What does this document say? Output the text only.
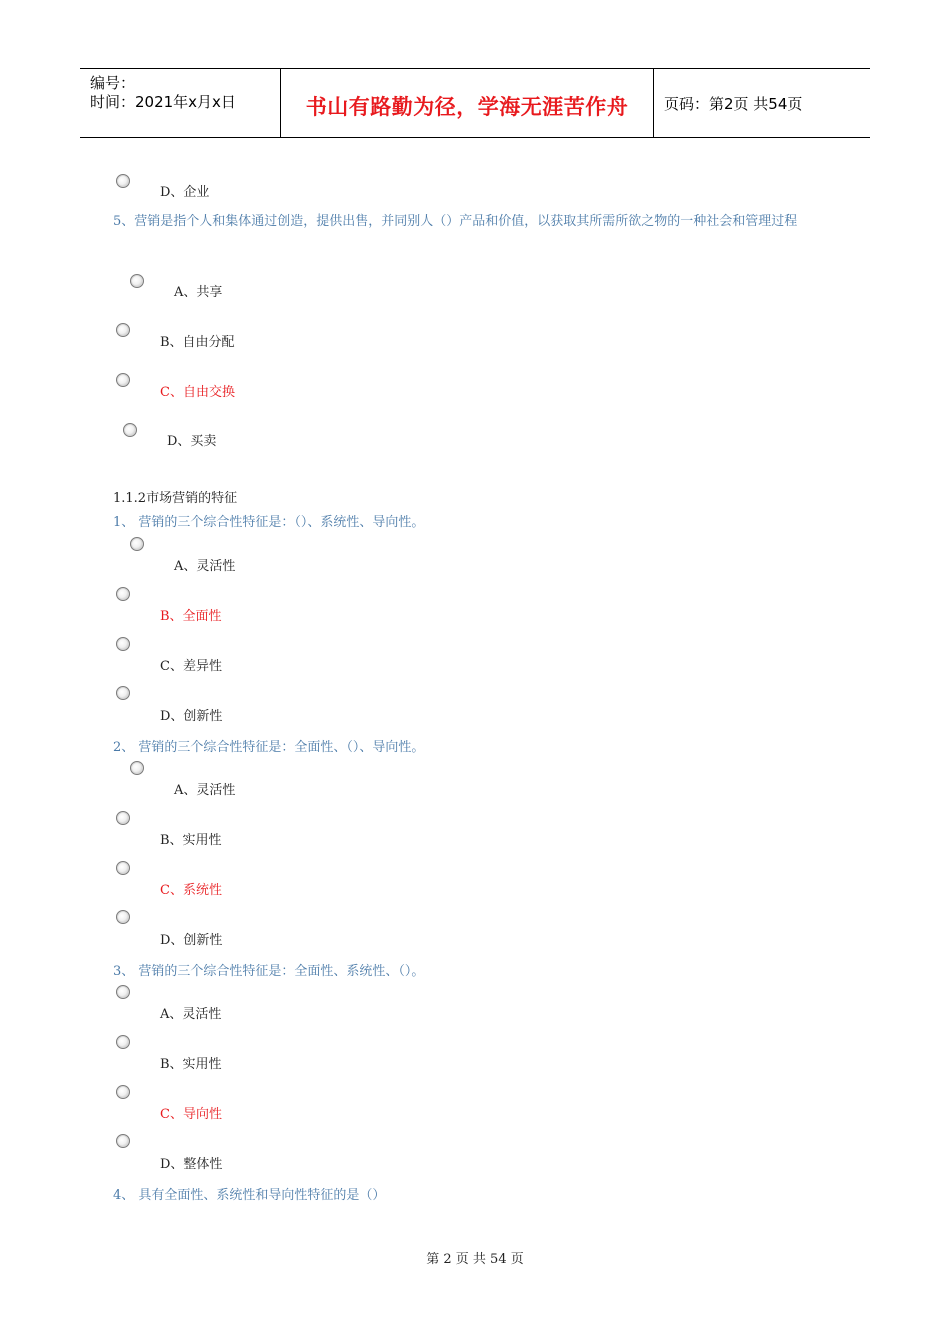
编号：
时间：2021年x月x日	书山有路勤为径，学海无涯苦作舟	页码：第2页 共54页
D、企业
5、营销是指个人和集体通过创造，提供出售，并同别人（）产品和价值，以获取其所需所欲之物的一种社会和管理过程
A、共享
B、自由分配
C、自由交换
D、买卖
1.1.2市场营销的特征
1、 营销的三个综合性特征是：（）、系统性、导向性。
A、灵活性
B、全面性
C、差异性
D、创新性
2、 营销的三个综合性特征是：全面性、（）、导向性。
A、灵活性
B、实用性
C、系统性
D、创新性
3、 营销的三个综合性特征是：全面性、系统性、（）。
A、灵活性
B、实用性
C、导向性
D、整体性
4、 具有全面性、系统性和导向性特征的是（）
第 2 页 共 54 页
